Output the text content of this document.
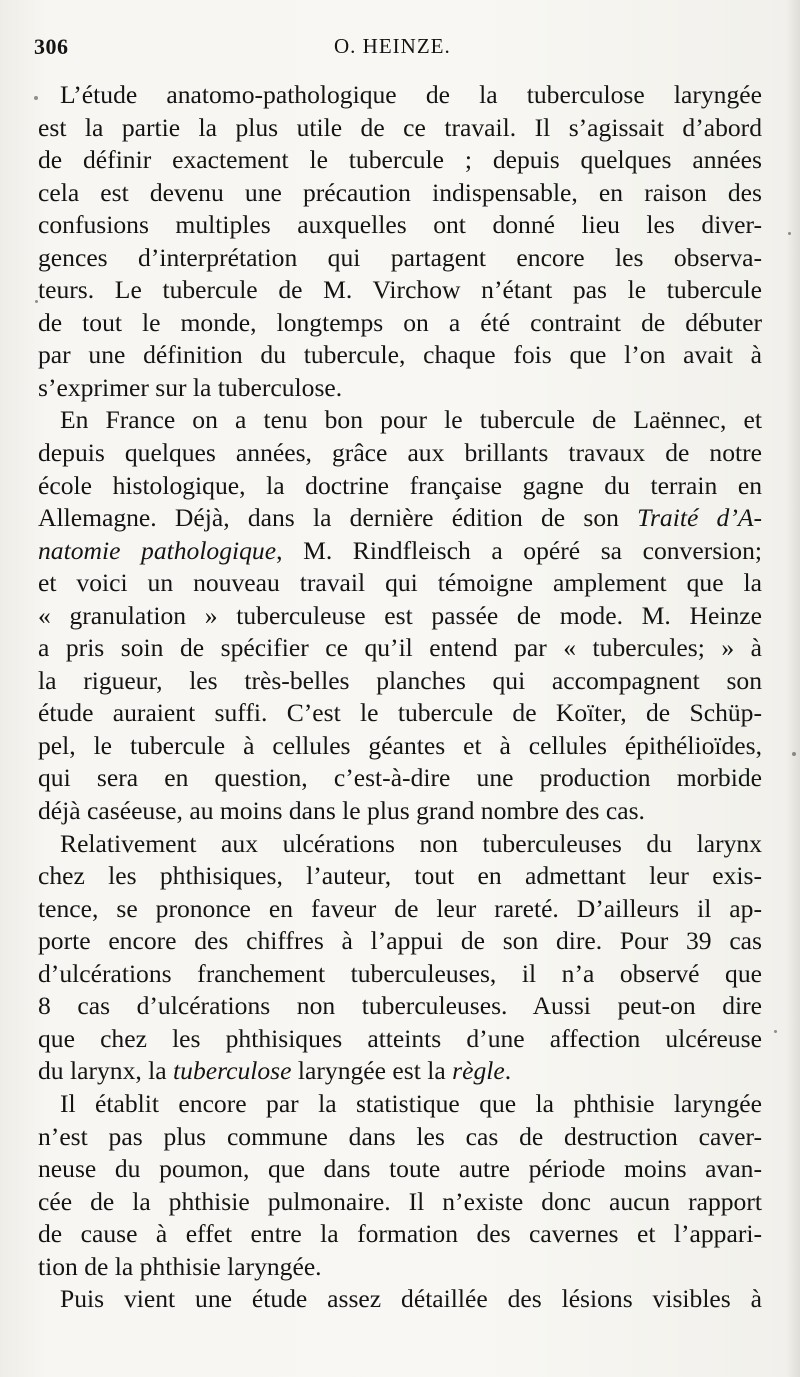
306	O. HEINZE.
L’étude anatomo-pathologique de la tuberculose laryngée
est la partie la plus utile de ce travail. Il s’agissait d’abord
de définir exactement le tubercule ; depuis quelques années
cela est devenu une précaution indispensable, en raison des
confusions multiples auxquelles ont donné lieu les diver-
gences d’interprétation qui partagent encore les observa-
teurs. Le tubercule de M. Virchow n’étant pas le tubercule
de tout le monde, longtemps on a été contraint de débuter
par une définition du tubercule, chaque fois que l’on avait à
s’exprimer sur la tuberculose.
En France on a tenu bon pour le tubercule de Laënnec, et
depuis quelques années, grâce aux brillants travaux de notre
école histologique, la doctrine française gagne du terrain en
Allemagne. Déjà, dans la dernière édition de son Traité d’A-
natomie pathologique, M. Rindfleisch a opéré sa conversion;
et voici un nouveau travail qui témoigne amplement que la
« granulation » tuberculeuse est passée de mode. M. Heinze
a pris soin de spécifier ce qu’il entend par « tubercules; » à
la rigueur, les très-belles planches qui accompagnent son
étude auraient suffi. C’est le tubercule de Koïter, de Schüp-
pel, le tubercule à cellules géantes et à cellules épithélioïdes,
qui sera en question, c’est-à-dire une production morbide
déjà caséeuse, au moins dans le plus grand nombre des cas.
Relativement aux ulcérations non tuberculeuses du larynx
chez les phthisiques, l’auteur, tout en admettant leur exis-
tence, se prononce en faveur de leur rareté. D’ailleurs il ap-
porte encore des chiffres à l’appui de son dire. Pour 39 cas
d’ulcérations franchement tuberculeuses, il n’a observé que
8 cas d’ulcérations non tuberculeuses. Aussi peut-on dire
que chez les phthisiques atteints d’une affection ulcéreuse
du larynx, la tuberculose laryngée est la règle.
Il établit encore par la statistique que la phthisie laryngée
n’est pas plus commune dans les cas de destruction caver-
neuse du poumon, que dans toute autre période moins avan-
cée de la phthisie pulmonaire. Il n’existe donc aucun rapport
de cause à effet entre la formation des cavernes et l’appari-
tion de la phthisie laryngée.
Puis vient une étude assez détaillée des lésions visibles à
